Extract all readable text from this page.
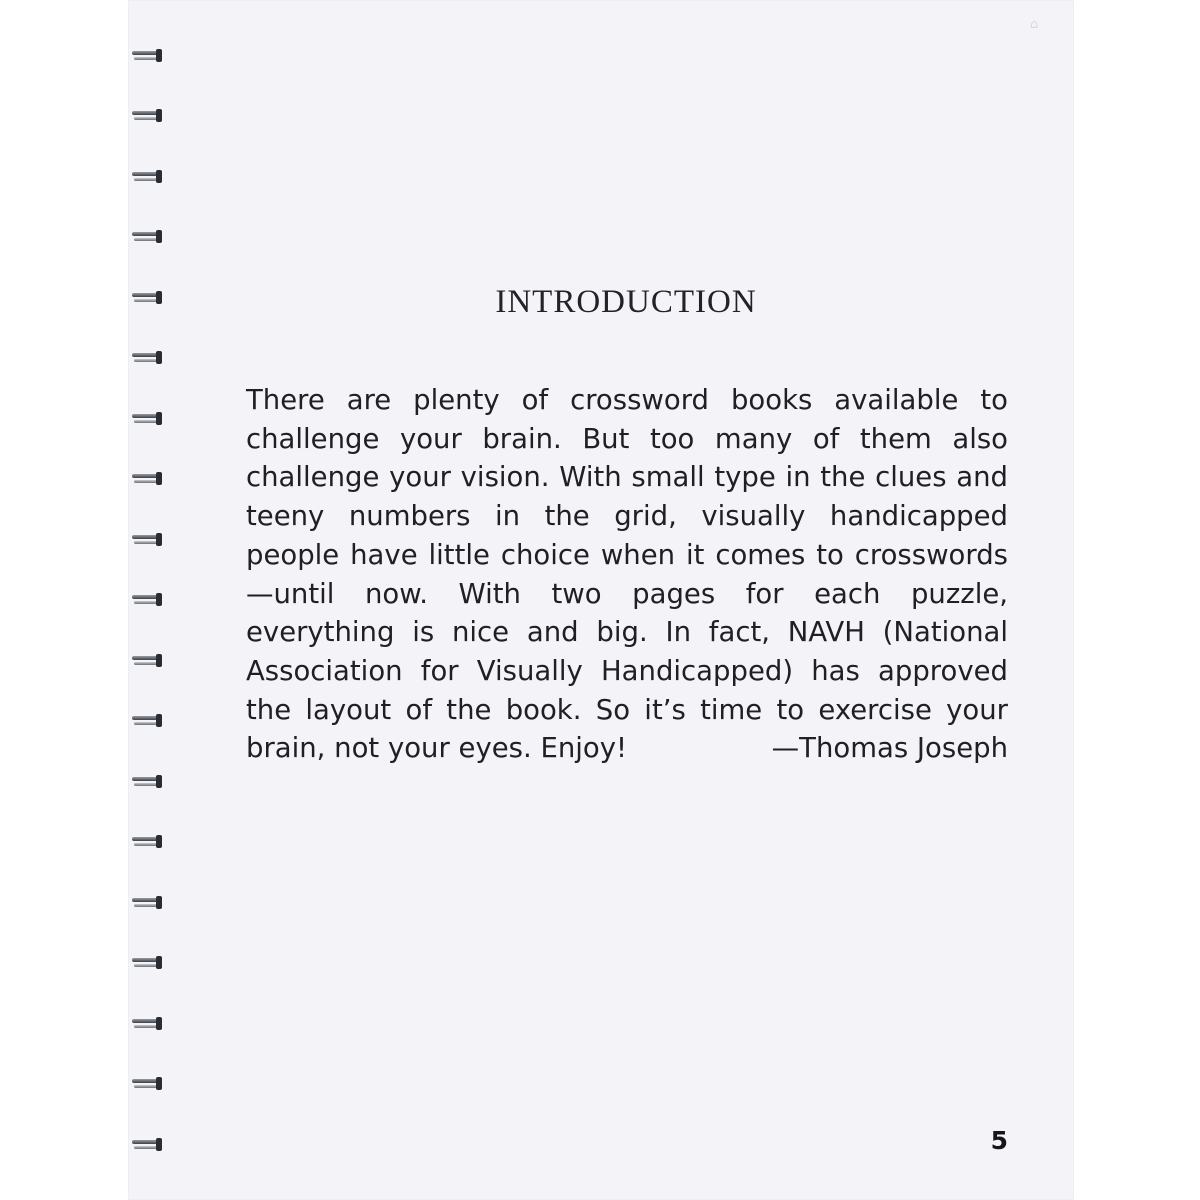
⌂
INTRODUCTION

There are plenty of crossword books available to challenge your brain. But too many of them also challenge your vision. With small type in the clues and teeny numbers in the grid, visually handicapped people have little choice when it comes to crosswords—until now. With two pages for each puzzle, everything is nice and big. In fact, NAVH (National Association for Visually Handicapped) has approved the layout of the book. So it’s time to exercise your brain, not your eyes. Enjoy!	—Thomas Joseph

5
